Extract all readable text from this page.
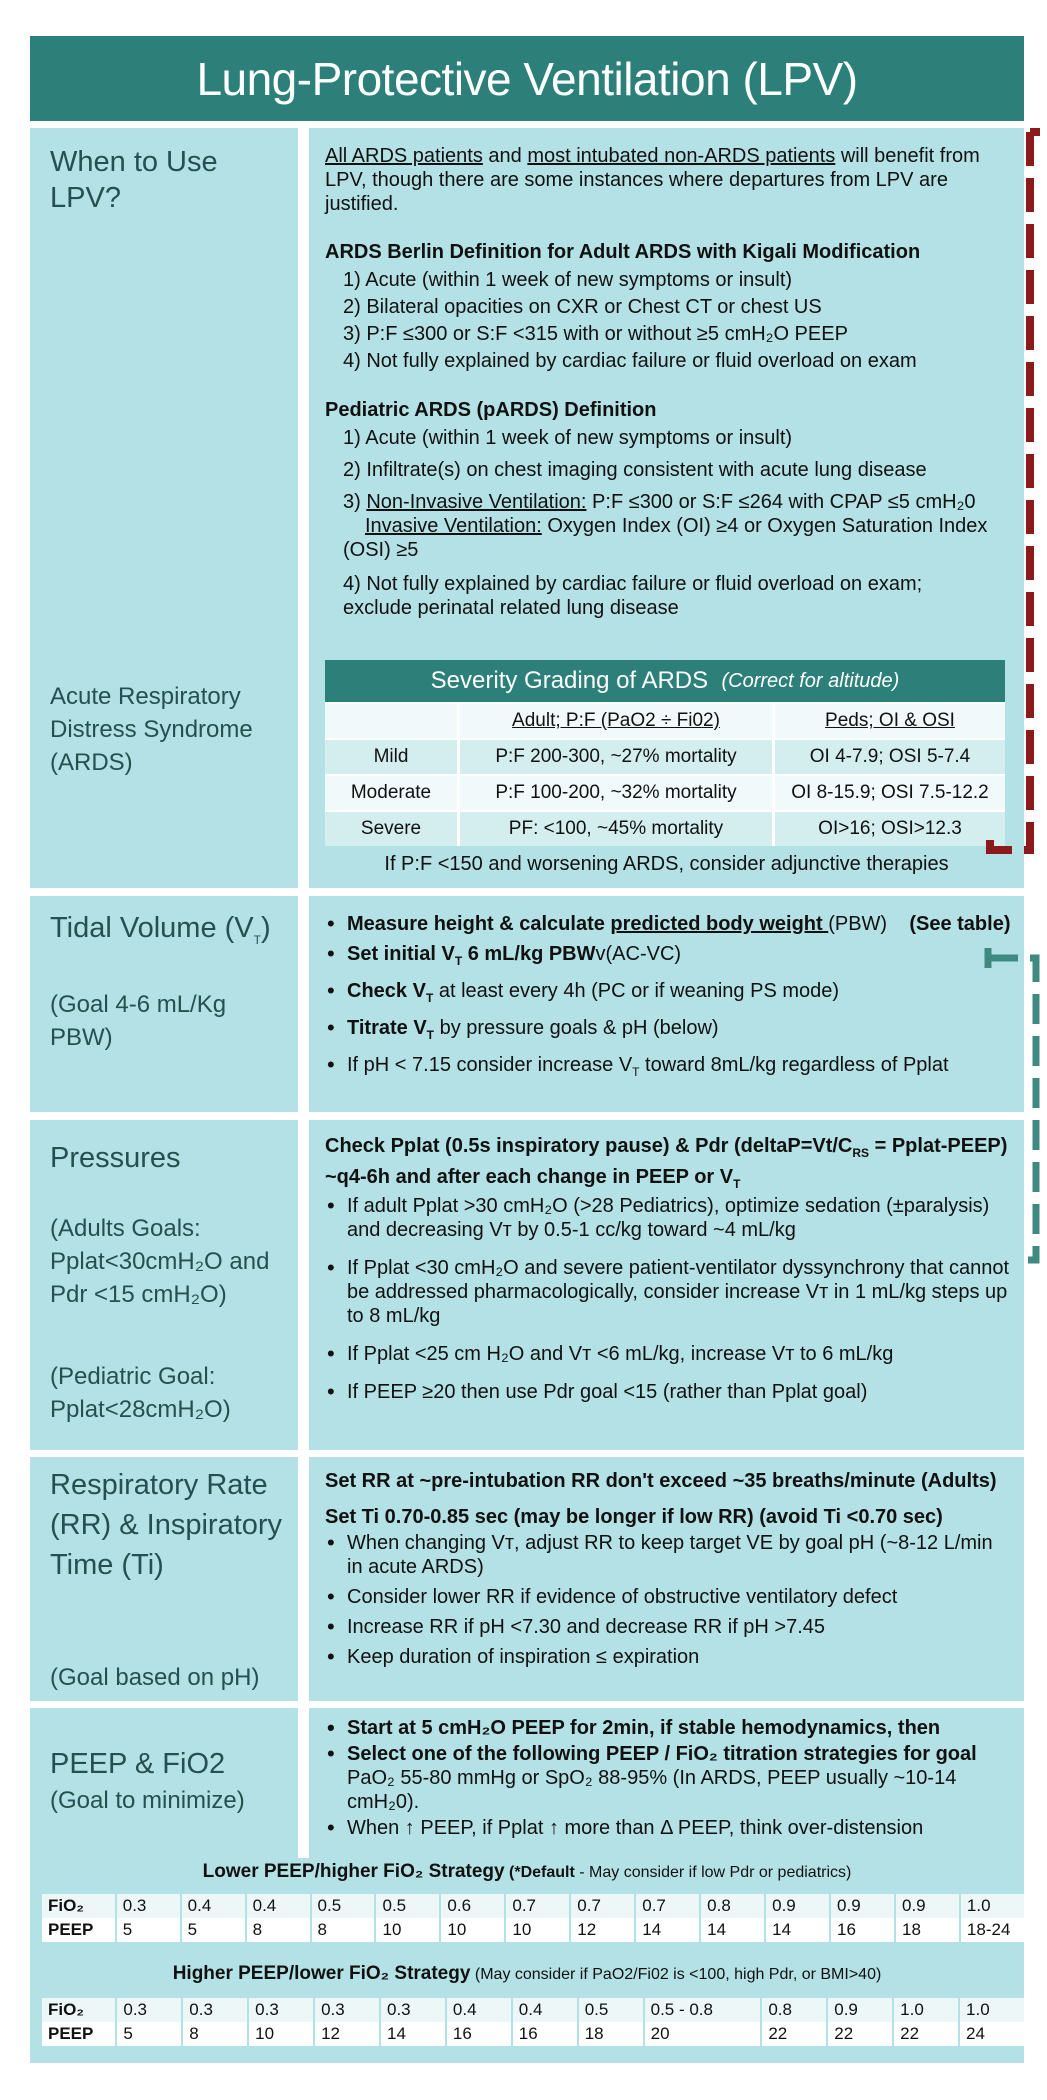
Lung-Protective Ventilation (LPV)
When to Use LPV?
Acute Respiratory Distress Syndrome (ARDS)
All ARDS patients and most intubated non-ARDS patients will benefit from LPV, though there are some instances where departures from LPV are justified.
ARDS Berlin Definition for Adult ARDS with Kigali Modification
1) Acute (within 1 week of new symptoms or insult)
2) Bilateral opacities on CXR or Chest CT or chest US
3) P:F ≤300 or S:F <315 with or without ≥5 cmH₂O PEEP
4) Not fully explained by cardiac failure or fluid overload on exam
Pediatric ARDS (pARDS) Definition
1) Acute (within 1 week of new symptoms or insult)
2) Infiltrate(s) on chest imaging consistent with acute lung disease
3) Non-Invasive Ventilation: P:F ≤300 or S:F ≤264 with CPAP ≤5 cmH₂0
Invasive Ventilation: Oxygen Index (OI) ≥4 or Oxygen Saturation Index (OSI) ≥5
4) Not fully explained by cardiac failure or fluid overload on exam; exclude perinatal related lung disease
If P:F <150 and worsening ARDS, consider adjunctive therapies
Severity Grading of ARDS
(Correct for altitude)
	Adult; P:F (PaO2 ÷ Fi02)	Peds; OI & OSI
Mild	P:F 200-300, ~27% mortality	OI 4-7.9; OSI 5-7.4
Moderate	P:F 100-200, ~32% mortality	OI 8-15.9; OSI 7.5-12.2
Severe	PF: <100, ~45% mortality	OI>16; OSI>12.3
Tidal Volume $(V_T)$
(Goal 4-6 mL/Kg PBW)
• Measure height & calculate predicted body weight (PBW) (See table)
• Set initial $V_T$ 6 mL/kg PBWv(AC-VC)
• Check $V_T$ at least every 4h (PC or if weaning PS mode)
• Titrate $V_T$ by pressure goals & pH (below)
• If pH < 7.15 consider increase $V_T$ toward 8mL/kg regardless of Pplat
Pressures
(Adults Goals: Pplat<30cmH₂O and Pdr <15 cmH₂O)
(Pediatric Goal: Pplat<28cmH₂O)
Check Pplat (0.5s inspiratory pause) & Pdr ($deltaP=Vt/C_{RS}$ = Pplat-PEEP) ~q4-6h and after each change in PEEP or $V_T$
• If adult Pplat >30 cmH₂O (>28 Pediatrics), optimize sedation (±paralysis) and decreasing Vᴛ by 0.5-1 cc/kg toward ~4 mL/kg
• If Pplat <30 cmH₂O and severe patient-ventilator dyssynchrony that cannot be addressed pharmacologically, consider increase Vᴛ in 1 mL/kg steps up to 8 mL/kg
• If Pplat <25 cm H₂O and Vᴛ <6 mL/kg, increase Vᴛ to 6 mL/kg
• If PEEP ≥20 then use Pdr goal <15 (rather than Pplat goal)
Respiratory Rate (RR) & Inspiratory Time (Ti)
(Goal based on pH)
Set RR at ~pre-intubation RR don't exceed ~35 breaths/minute (Adults)
Set Ti 0.70-0.85 sec (may be longer if low RR) (avoid Ti <0.70 sec)
• When changing Vᴛ, adjust RR to keep target VE by goal pH (~8-12 L/min in acute ARDS)
• Consider lower RR if evidence of obstructive ventilatory defect
• Increase RR if pH <7.30 and decrease RR if pH >7.45
• Keep duration of inspiration ≤ expiration
PEEP & FiO2
(Goal to minimize)
• Start at 5 cmH₂O PEEP for 2min, if stable hemodynamics, then
• Select one of the following PEEP / FiO₂ titration strategies for goal PaO₂ 55-80 mmHg or SpO₂ 88-95% (In ARDS, PEEP usually ~10-14 cmH₂0).
• When ↑ PEEP, if Pplat ↑ more than Δ PEEP, think over-distension
Lower PEEP/higher FiO₂ Strategy (*Default - May consider if low Pdr or pediatrics)
FiO₂	0.3	0.4	0.4	0.5	0.5	0.6	0.7	0.7	0.7	0.8	0.9	0.9	0.9	1.0
PEEP	5	5	8	8	10	10	10	12	14	14	14	16	18	18-24
Higher PEEP/lower FiO₂ Strategy (May consider if PaO2/Fi02 is <100, high Pdr, or BMI>40)
FiO₂	0.3	0.3	0.3	0.3	0.3	0.4	0.4	0.5	0.5 - 0.8	0.8	0.9	1.0	1.0
PEEP	5	8	10	12	14	16	16	18	20	22	22	22	24
